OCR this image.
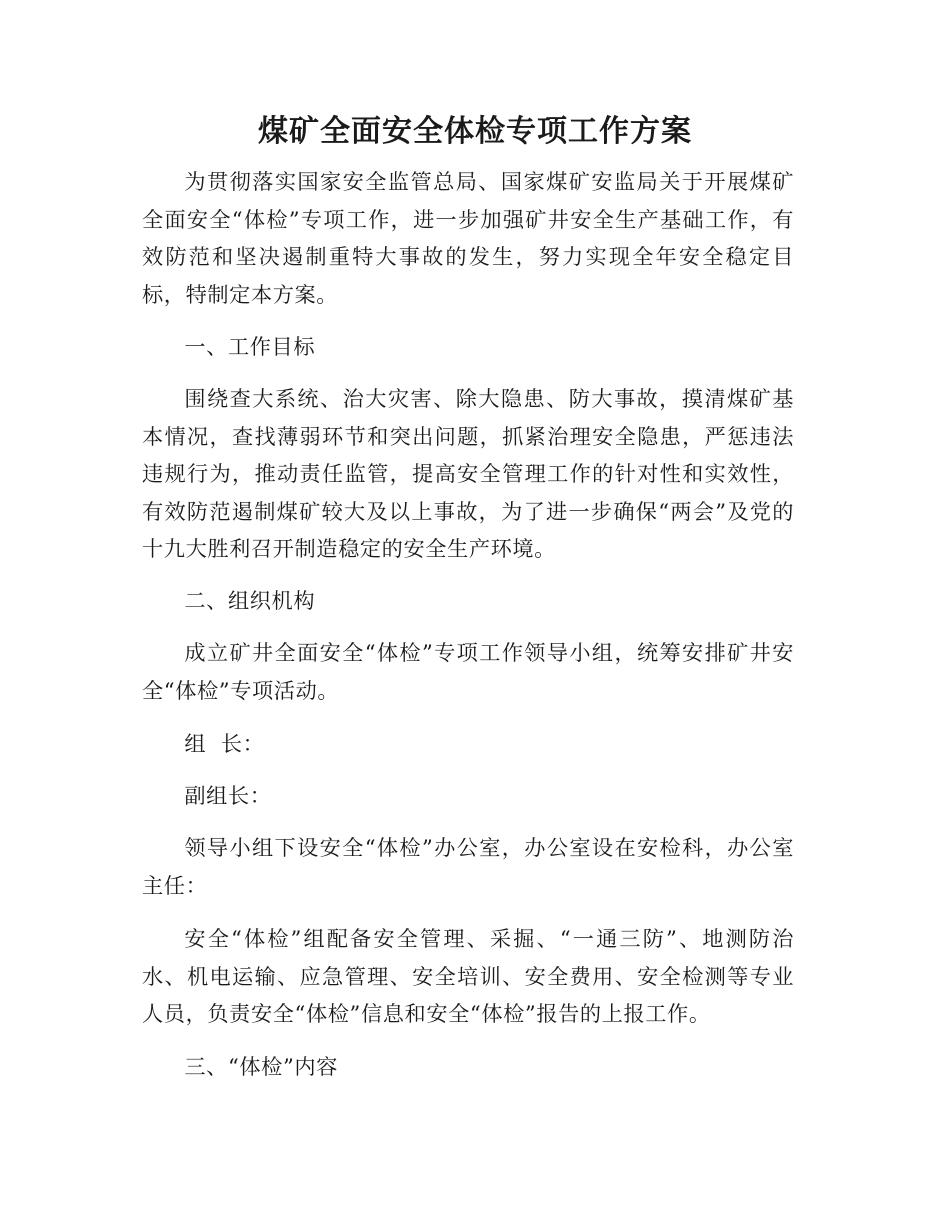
煤矿全面安全体检专项工作方案

为贯彻落实国家安全监管总局、国家煤矿安监局关于开展煤矿全面安全“体检”专项工作，进一步加强矿井安全生产基础工作，有效防范和坚决遏制重特大事故的发生，努力实现全年安全稳定目标，特制定本方案。

一、工作目标

围绕查大系统、治大灾害、除大隐患、防大事故，摸清煤矿基本情况，查找薄弱环节和突出问题，抓紧治理安全隐患，严惩违法违规行为，推动责任监管，提高安全管理工作的针对性和实效性，有效防范遏制煤矿较大及以上事故，为了进一步确保“两会”及党的十九大胜利召开制造稳定的安全生产环境。

二、组织机构

成立矿井全面安全“体检”专项工作领导小组，统筹安排矿井安全“体检”专项活动。

组  长：

副组长：

领导小组下设安全“体检”办公室，办公室设在安检科，办公室主任：

安全“体检”组配备安全管理、采掘、“一通三防”、地测防治水、机电运输、应急管理、安全培训、安全费用、安全检测等专业人员，负责安全“体检”信息和安全“体检”报告的上报工作。

三、“体检”内容
